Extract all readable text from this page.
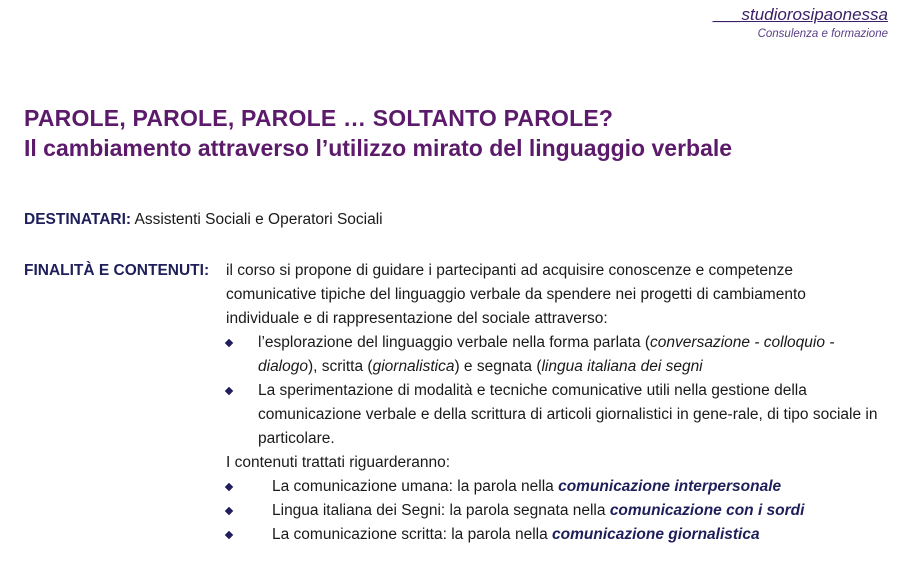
___studiorosipaonessa
Consulenza e formazione
PAROLE, PAROLE, PAROLE … SOLTANTO PAROLE?
Il cambiamento attraverso l’utilizzo mirato del linguaggio verbale
DESTINATARI: Assistenti Sociali e Operatori Sociali
FINALITÀ E CONTENUTI: il corso si propone di guidare i partecipanti ad acquisire conoscenze e competenze comunicative tipiche del linguaggio verbale da spendere nei progetti di cambiamento individuale e di rappresentazione del sociale attraverso:

l’esplorazione del linguaggio verbale nella forma parlata (conversazione - colloquio - dialogo), scritta (giornalistica) e segnata (lingua italiana dei segni
La sperimentazione di modalità e tecniche comunicative utili nella gestione della comunicazione verbale e della scrittura di articoli giornalistici in gene-rale, di tipo sociale in particolare.

I contenuti trattati riguarderanno:

La comunicazione umana: la parola nella comunicazione interpersonale
Lingua italiana dei Segni: la parola segnata nella comunicazione con i sordi
La comunicazione scritta: la parola nella comunicazione giornalistica
